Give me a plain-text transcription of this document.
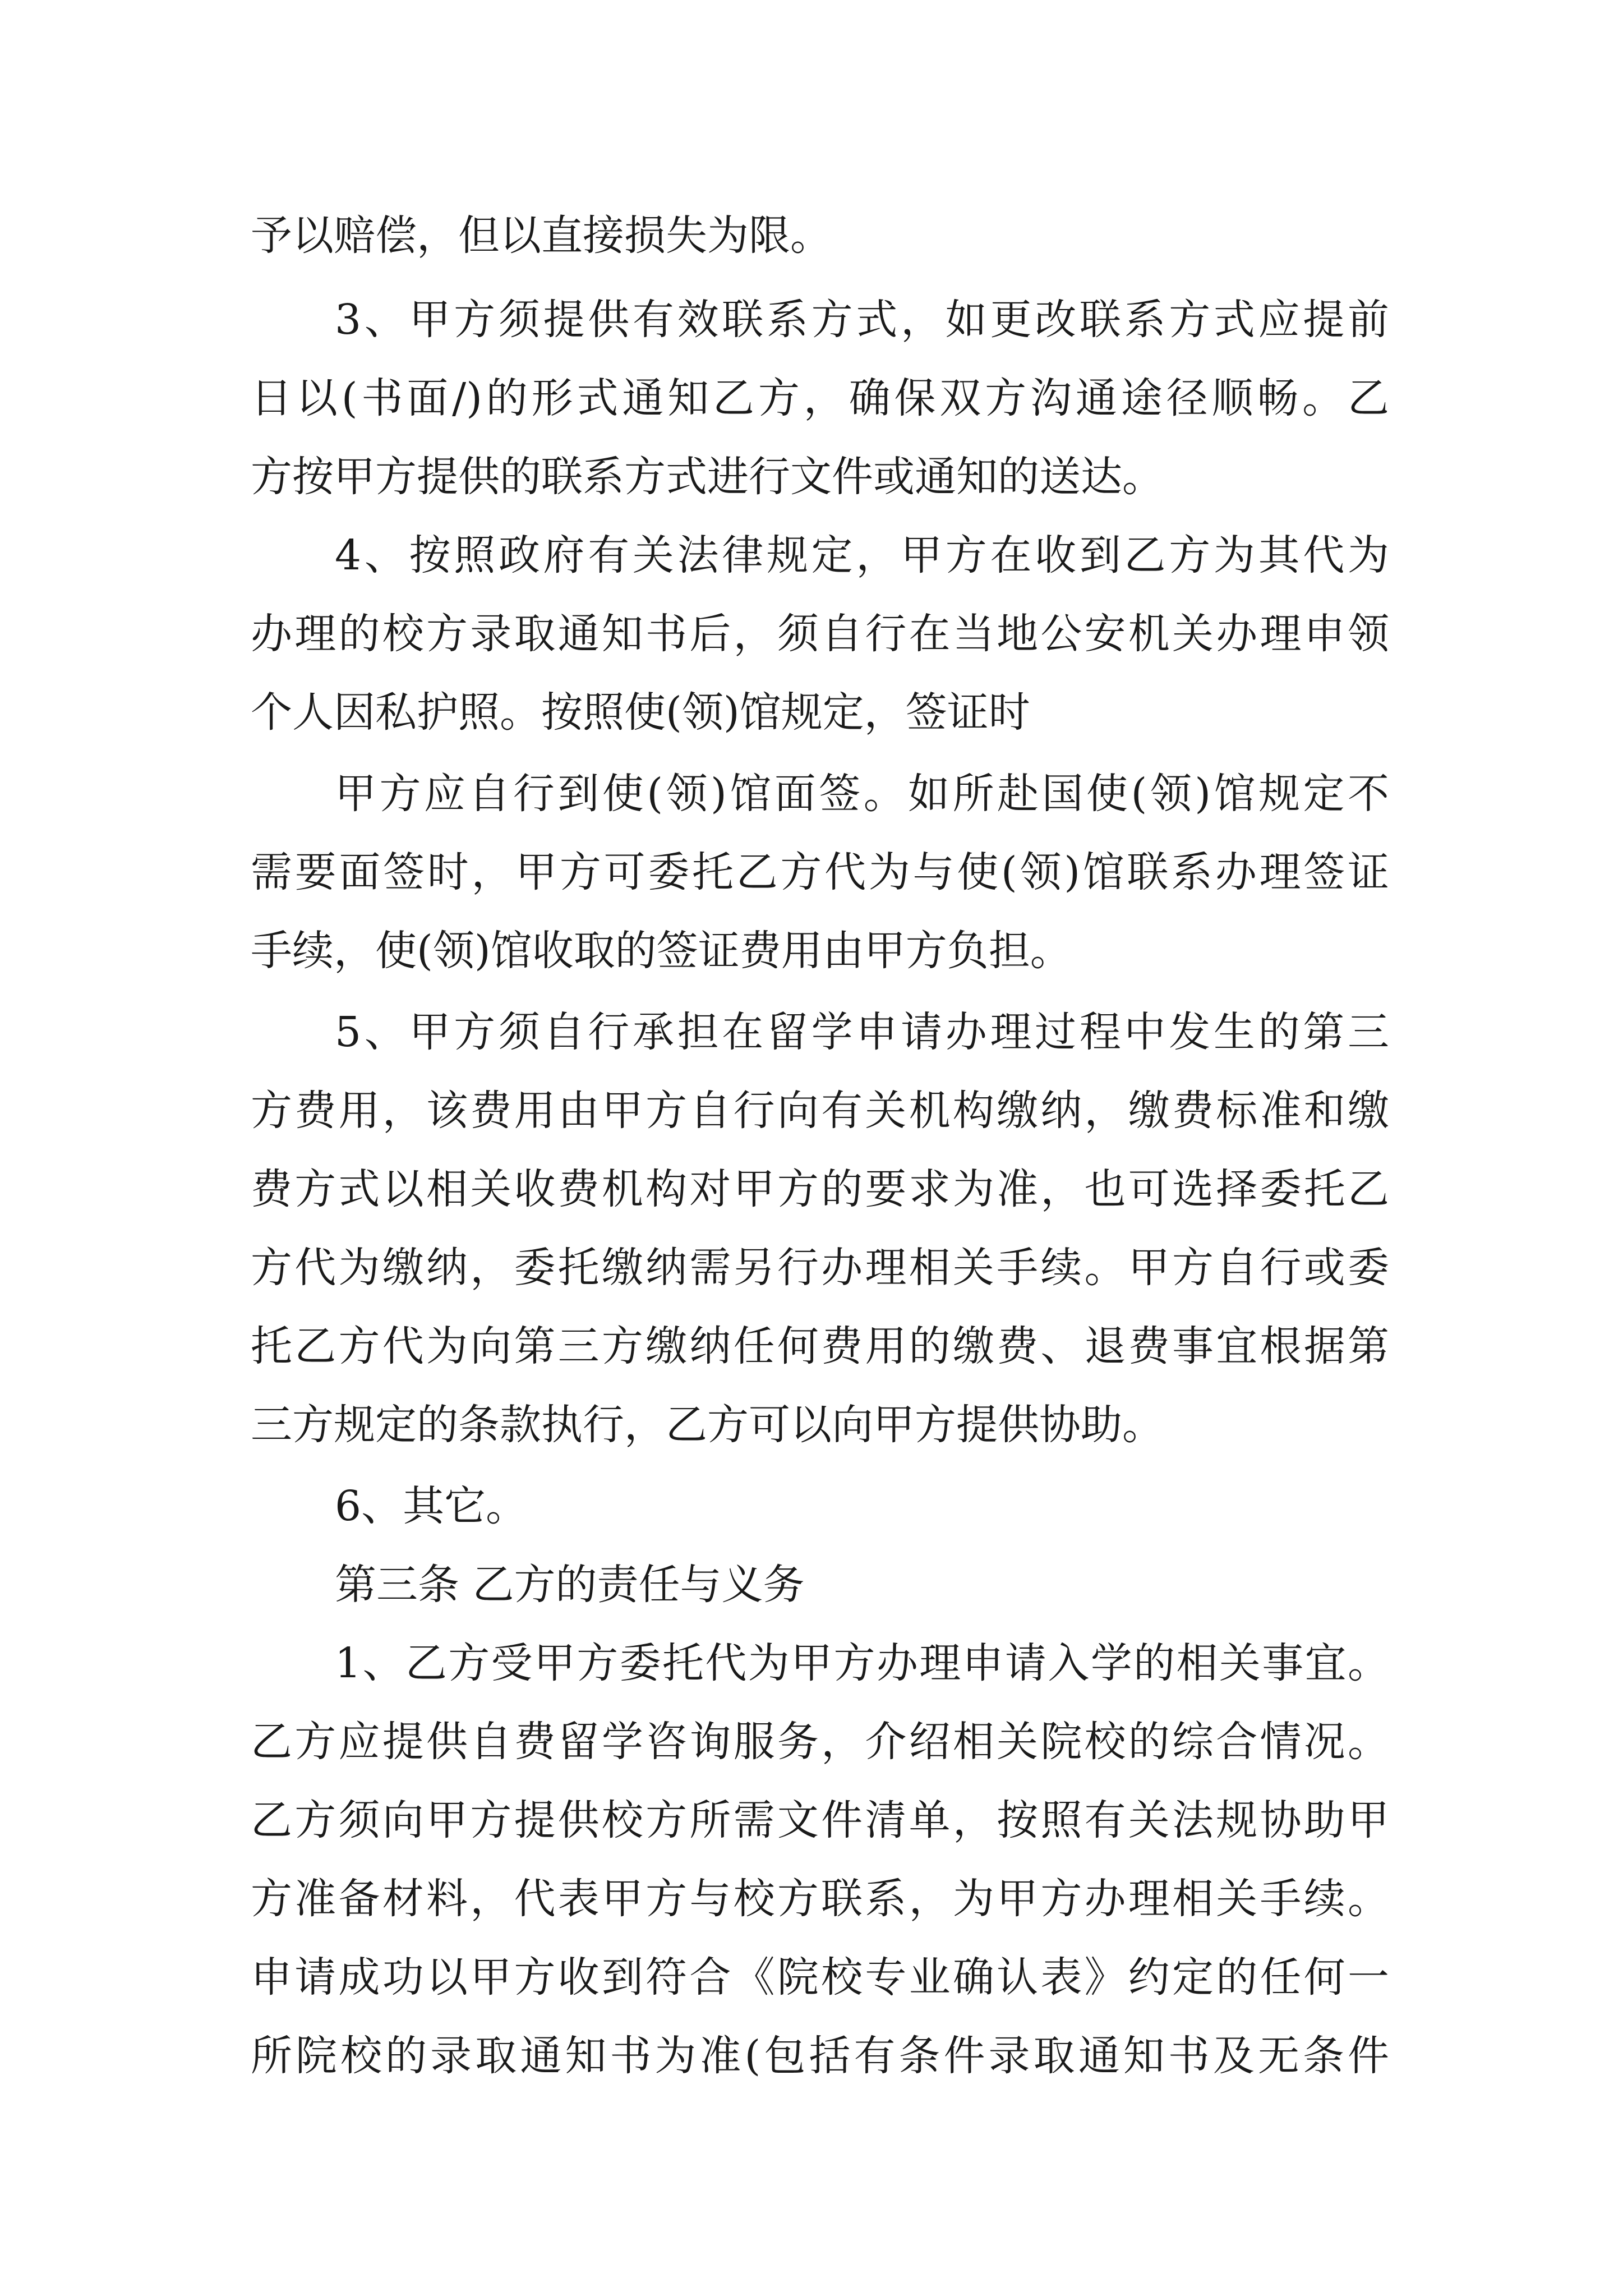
予以赔偿，但以直接损失为限。
3、甲方须提供有效联系方式，如更改联系方式应提前
日以(书面/)的形式通知乙方，确保双方沟通途径顺畅。乙
方按甲方提供的联系方式进行文件或通知的送达。
4、按照政府有关法律规定，甲方在收到乙方为其代为
办理的校方录取通知书后，须自行在当地公安机关办理申领
个人因私护照。按照使(领)馆规定，签证时
甲方应自行到使(领)馆面签。如所赴国使(领)馆规定不
需要面签时，甲方可委托乙方代为与使(领)馆联系办理签证
手续，使(领)馆收取的签证费用由甲方负担。
5、甲方须自行承担在留学申请办理过程中发生的第三
方费用，该费用由甲方自行向有关机构缴纳，缴费标准和缴
费方式以相关收费机构对甲方的要求为准，也可选择委托乙
方代为缴纳，委托缴纳需另行办理相关手续。甲方自行或委
托乙方代为向第三方缴纳任何费用的缴费、退费事宜根据第
三方规定的条款执行，乙方可以向甲方提供协助。
6、其它。
第三条 乙方的责任与义务
1、乙方受甲方委托代为甲方办理申请入学的相关事宜。
乙方应提供自费留学咨询服务，介绍相关院校的综合情况。
乙方须向甲方提供校方所需文件清单，按照有关法规协助甲
方准备材料，代表甲方与校方联系，为甲方办理相关手续。
申请成功以甲方收到符合《院校专业确认表》约定的任何一
所院校的录取通知书为准(包括有条件录取通知书及无条件
